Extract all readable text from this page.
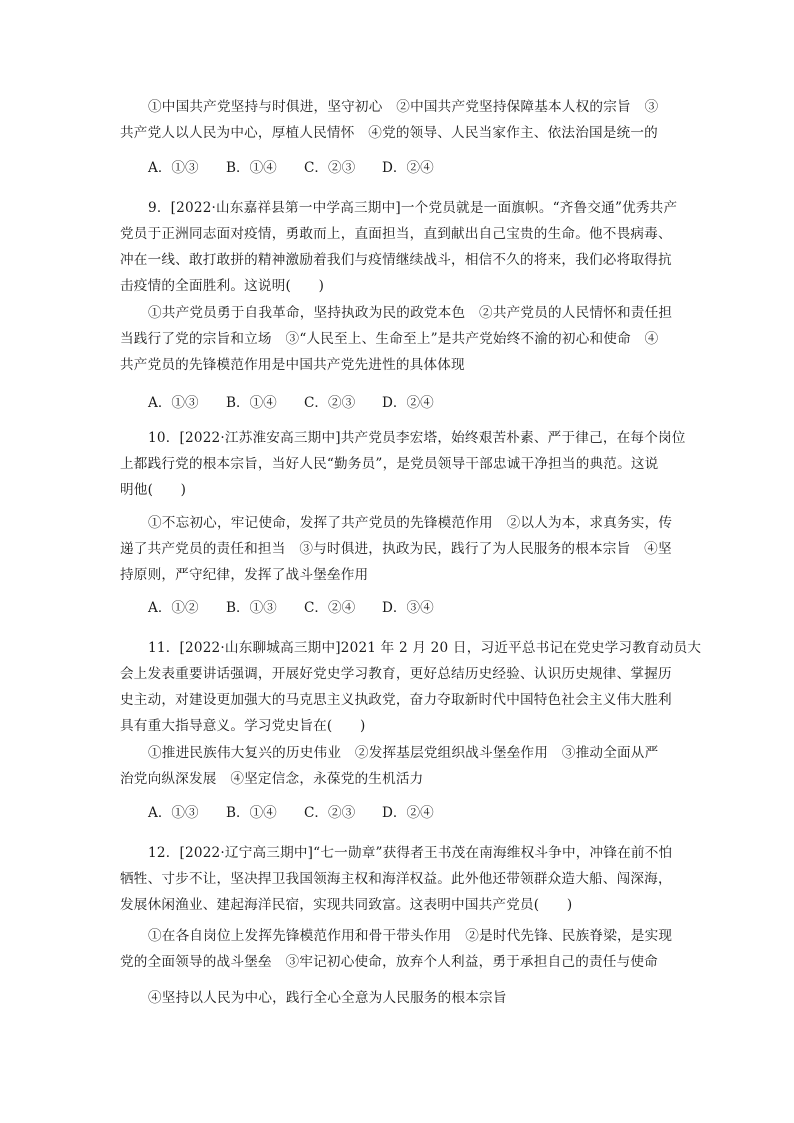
①中国共产党坚持与时俱进，坚守初心　②中国共产党坚持保障基本人权的宗旨　③
共产党人以人民为中心，厚植人民情怀　④党的领导、人民当家作主、依法治国是统一的
A．①③	B．①④	C．②③	D．②④
9．[2022·山东嘉祥县第一中学高三期中]一个党员就是一面旗帜。“齐鲁交通”优秀共产
党员于正洲同志面对疫情，勇敢而上，直面担当，直到献出自己宝贵的生命。他不畏病毒、
冲在一线、敢打敢拼的精神激励着我们与疫情继续战斗，相信不久的将来，我们必将取得抗
击疫情的全面胜利。这说明(　　)
①共产党员勇于自我革命，坚持执政为民的政党本色　②共产党员的人民情怀和责任担
当践行了党的宗旨和立场　③“人民至上、生命至上”是共产党始终不渝的初心和使命　④
共产党员的先锋模范作用是中国共产党先进性的具体体现
A．①③	B．①④	C．②③	D．②④
10．[2022·江苏淮安高三期中]共产党员李宏塔，始终艰苦朴素、严于律己，在每个岗位
上都践行党的根本宗旨，当好人民“勤务员”，是党员领导干部忠诚干净担当的典范。这说
明他(　　)
①不忘初心，牢记使命，发挥了共产党员的先锋模范作用　②以人为本，求真务实，传
递了共产党员的责任和担当　③与时俱进，执政为民，践行了为人民服务的根本宗旨　④坚
持原则，严守纪律，发挥了战斗堡垒作用
A．①②	B．①③	C．②④	D．③④
11．[2022·山东聊城高三期中]2021 年 2 月 20 日，习近平总书记在党史学习教育动员大
会上发表重要讲话强调，开展好党史学习教育，更好总结历史经验、认识历史规律、掌握历
史主动，对建设更加强大的马克思主义执政党，奋力夺取新时代中国特色社会主义伟大胜利
具有重大指导意义。学习党史旨在(　　)
①推进民族伟大复兴的历史伟业　②发挥基层党组织战斗堡垒作用　③推动全面从严
治党向纵深发展　④坚定信念，永葆党的生机活力
A．①③	B．①④	C．②③	D．②④
12．[2022·辽宁高三期中]“七一勋章”获得者王书茂在南海维权斗争中，冲锋在前不怕
牺牲、寸步不让，坚决捍卫我国领海主权和海洋权益。此外他还带领群众造大船、闯深海，
发展休闲渔业、建起海洋民宿，实现共同致富。这表明中国共产党员(　　)
①在各自岗位上发挥先锋模范作用和骨干带头作用　②是时代先锋、民族脊梁，是实现
党的全面领导的战斗堡垒　③牢记初心使命，放弃个人利益，勇于承担自己的责任与使命
④坚持以人民为中心，践行全心全意为人民服务的根本宗旨
